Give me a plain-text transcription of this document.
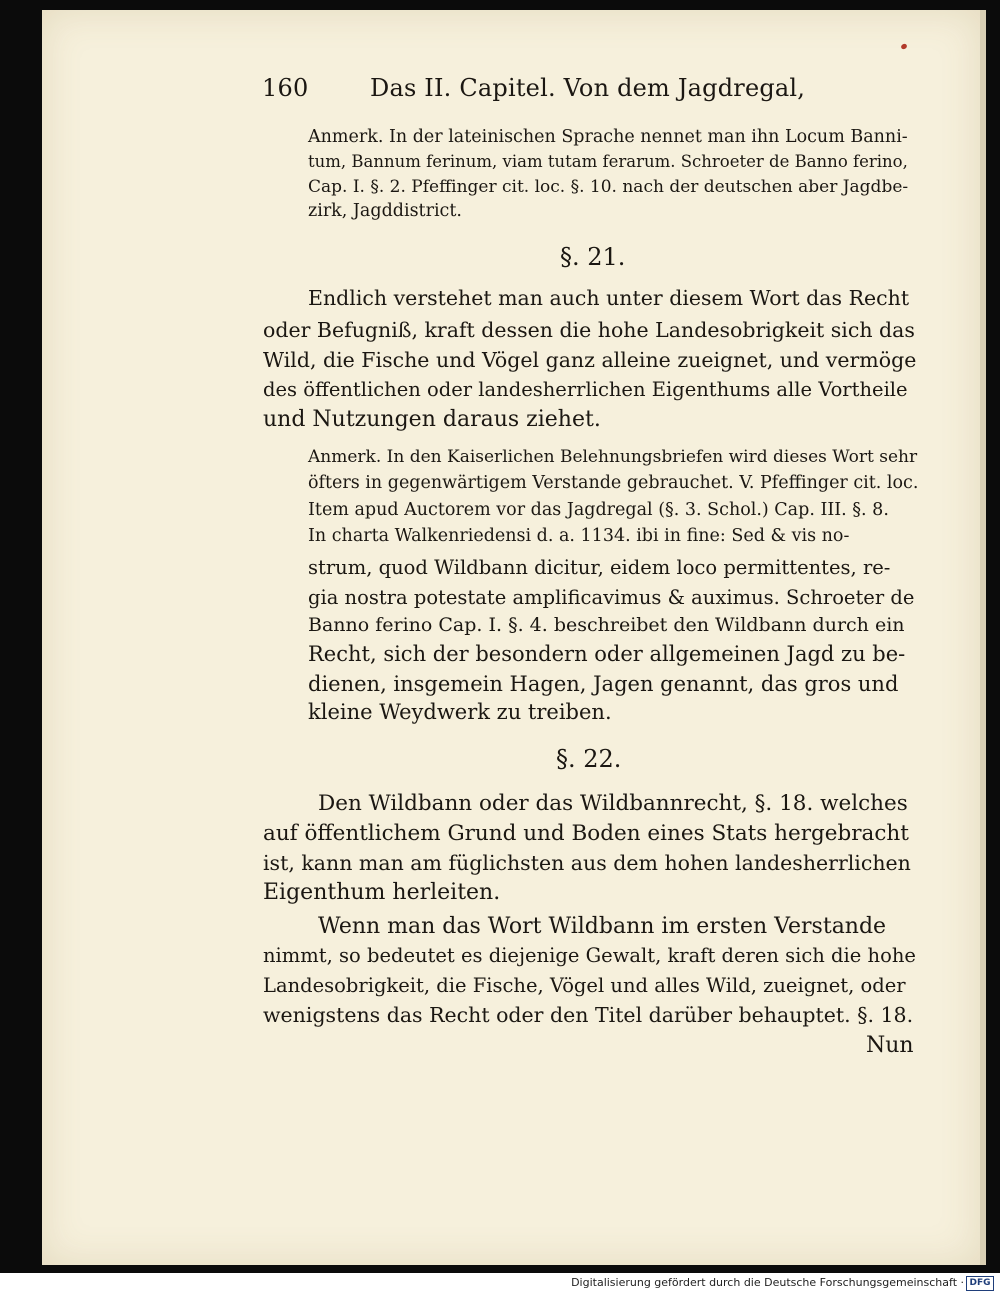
160	Das II. Capitel. Von dem Jagdregal,
Anmerk. In der lateinischen Sprache nennet man ihn Locum Banni-
tum, Bannum ferinum, viam tutam ferarum. Schroeter de Banno ferino,
Cap. I. §. 2. Pfeffinger cit. loc. §. 10. nach der deutschen aber Jagdbe-
zirk, Jagddistrict.
§. 21.
Endlich verstehet man auch unter diesem Wort das Recht
oder Befugniß, kraft dessen die hohe Landesobrigkeit sich das
Wild, die Fische und Vögel ganz alleine zueignet, und vermöge
des öffentlichen oder landesherrlichen Eigenthums alle Vortheile
und Nutzungen daraus ziehet.
Anmerk. In den Kaiserlichen Belehnungsbriefen wird dieses Wort sehr
öfters in gegenwärtigem Verstande gebrauchet. V. Pfeffinger cit. loc.
Item apud Auctorem vor das Jagdregal (§. 3. Schol.) Cap. III. §. 8.
In charta Walkenriedensi d. a. 1134. ibi in fine: Sed & vis no-
strum, quod Wildbann dicitur, eidem loco permittentes, re-
gia nostra potestate amplificavimus & auximus. Schroeter de
Banno ferino Cap. I. §. 4. beschreibet den Wildbann durch ein
Recht, sich der besondern oder allgemeinen Jagd zu be-
dienen, insgemein Hagen, Jagen genannt, das gros und
kleine Weydwerk zu treiben.
§. 22.
Den Wildbann oder das Wildbannrecht, §. 18. welches
auf öffentlichem Grund und Boden eines Stats hergebracht
ist, kann man am füglichsten aus dem hohen landesherrlichen
Eigenthum herleiten.
Wenn man das Wort Wildbann im ersten Verstande
nimmt, so bedeutet es diejenige Gewalt, kraft deren sich die hohe
Landesobrigkeit, die Fische, Vögel und alles Wild, zueignet, oder
wenigstens das Recht oder den Titel darüber behauptet. §. 18.
Nun
Digitalisierung gefördert durch die Deutsche Forschungsgemeinschaft · DFG
